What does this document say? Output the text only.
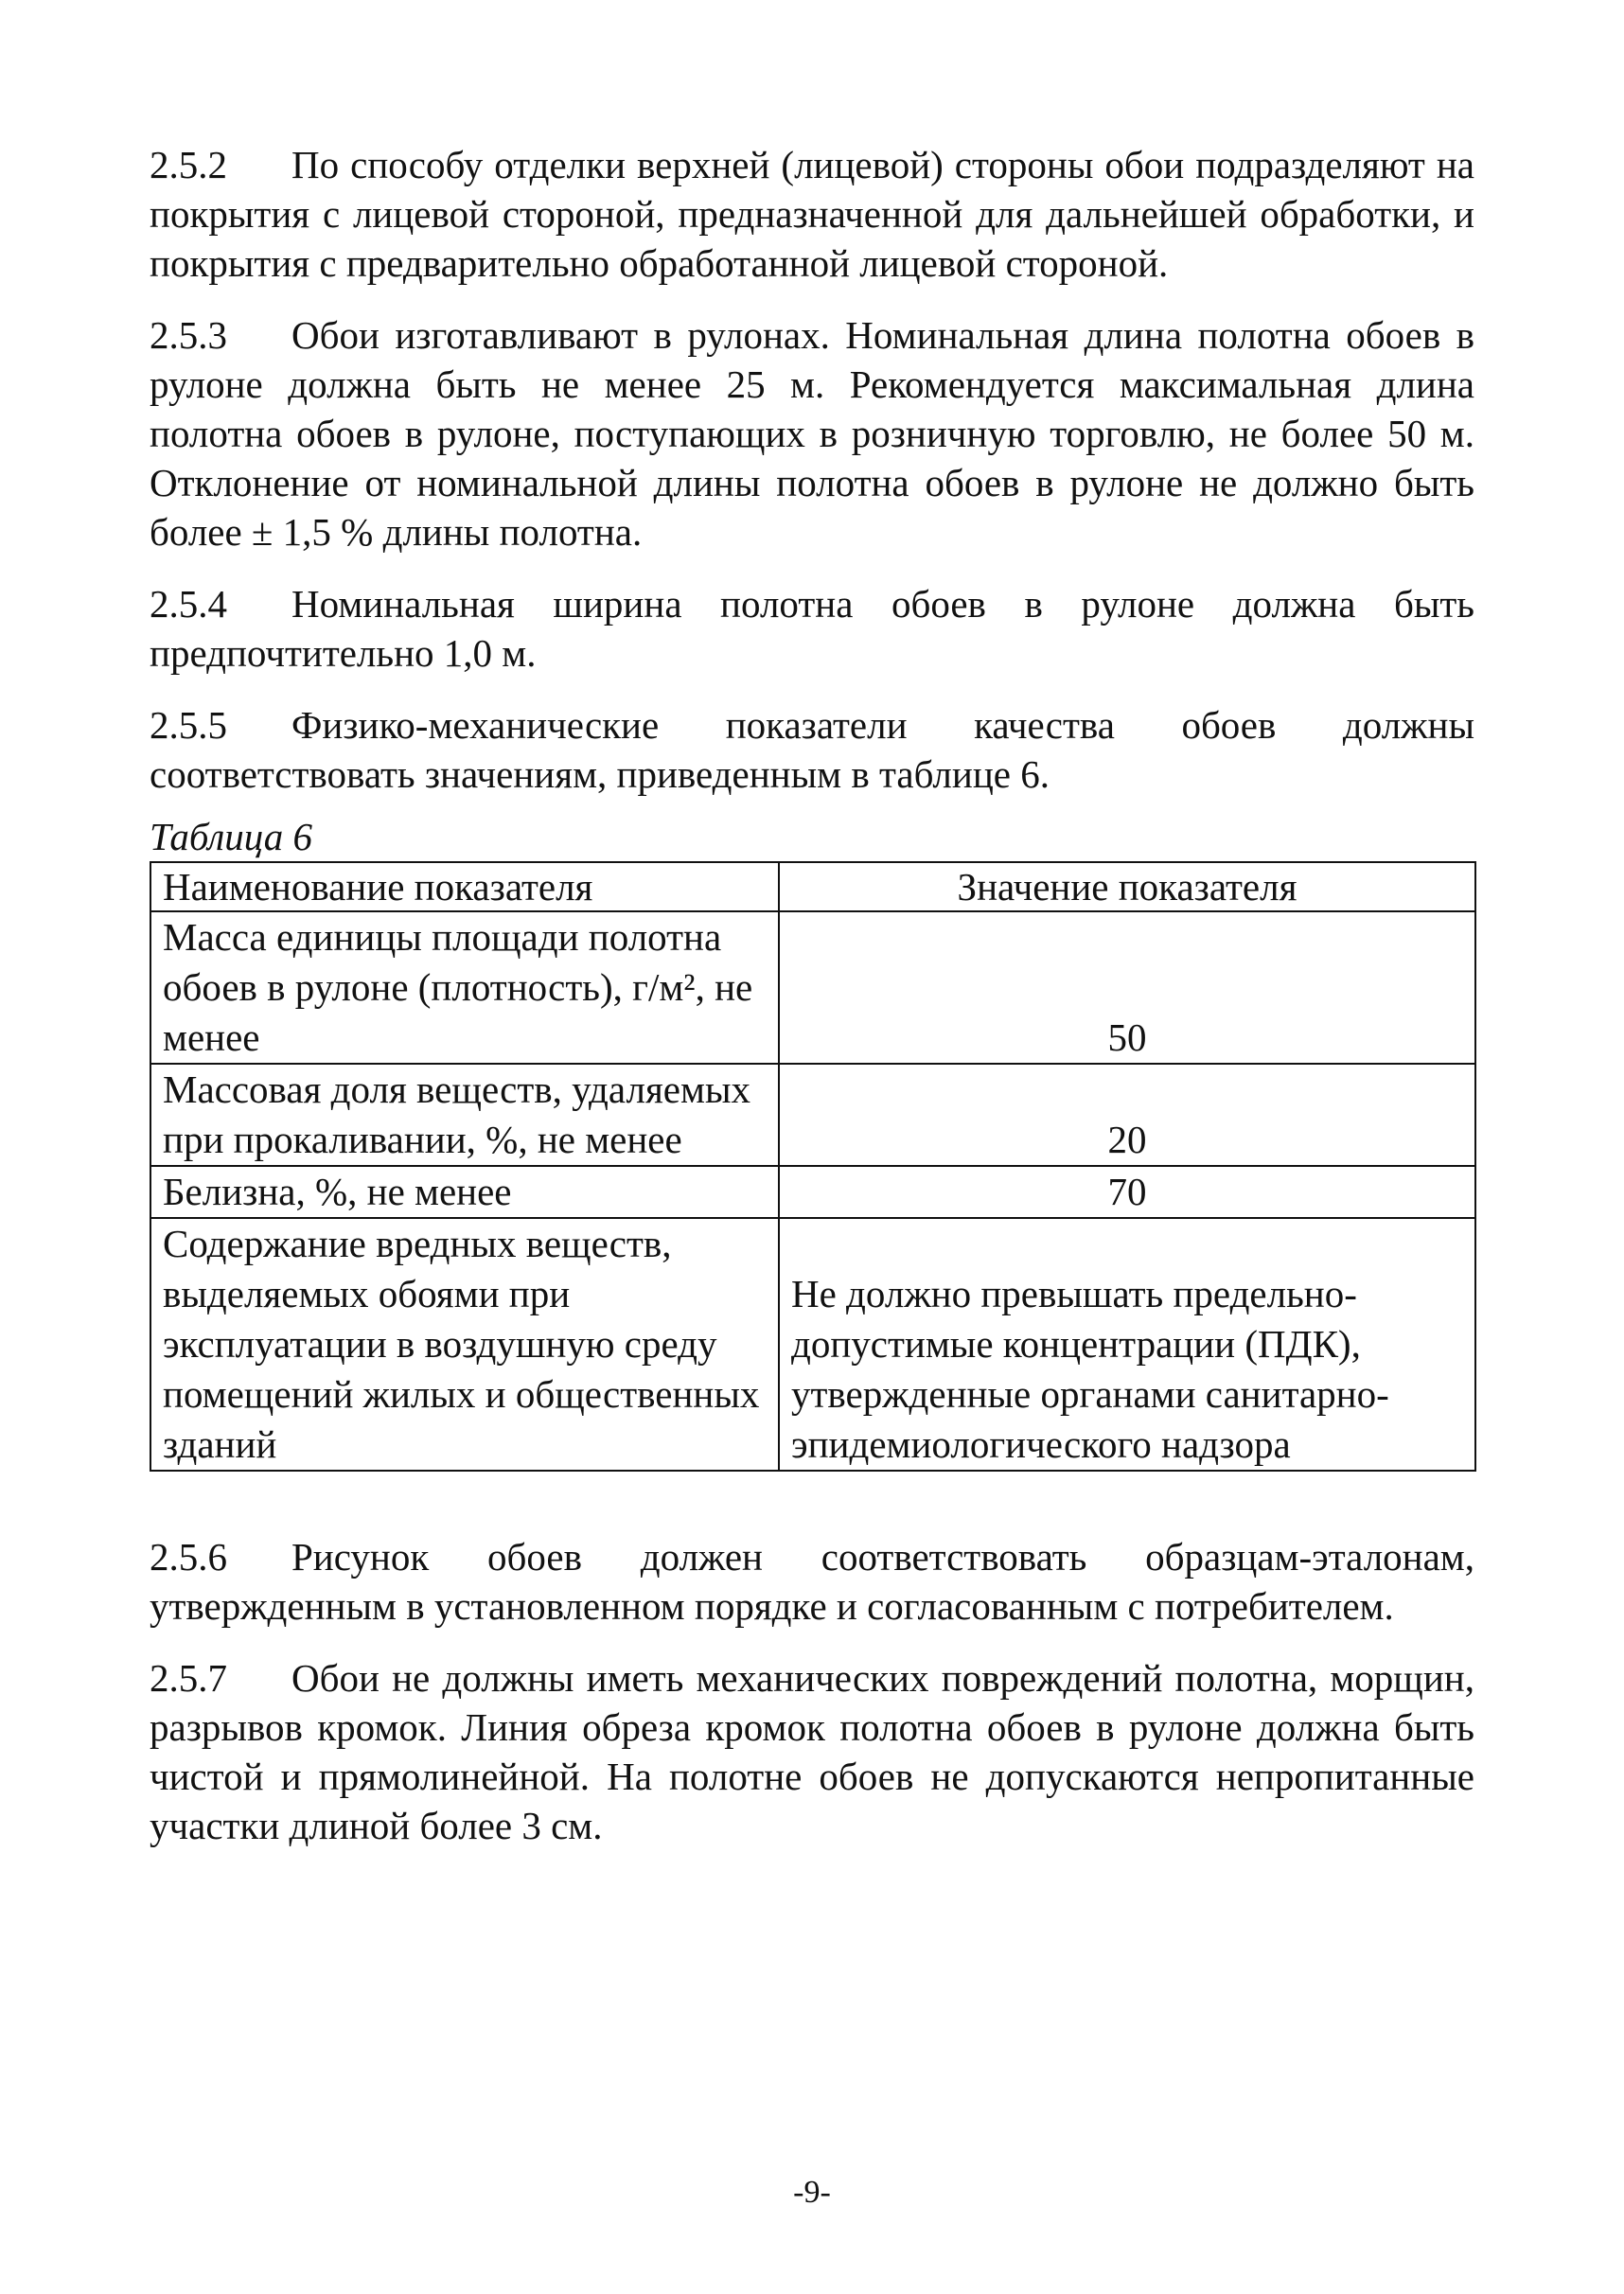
2.5.2 По способу отделки верхней (лицевой) стороны обои подразделяют на покрытия с лицевой стороной, предназначенной для дальнейшей обработки, и покрытия с предварительно обработанной лицевой стороной.

2.5.3 Обои изготавливают в рулонах. Номинальная длина полотна обоев в рулоне должна быть не менее 25 м. Рекомендуется максимальная длина полотна обоев в рулоне, поступающих в розничную торговлю, не более 50 м. Отклонение от номинальной длины полотна обоев в рулоне не должно быть более ± 1,5 % длины полотна.

2.5.4 Номинальная ширина полотна обоев в рулоне должна быть предпочтительно 1,0 м.

2.5.5 Физико-механические показатели качества обоев должны соответствовать значениям, приведенным в таблице 6.

Таблица 6
Наименование показателя	Значение показателя
Масса единицы площади полотна обоев в рулоне (плотность), г/м², не менее	50
Массовая доля веществ, удаляемых при прокаливании, %, не менее	20
Белизна, %, не менее	70
Содержание вредных веществ, выделяемых обоями при эксплуатации в воздушную среду помещений жилых и общественных зданий	Не должно превышать предельно-допустимые концентрации (ПДК), утвержденные органами санитарно-эпидемиологического надзора

2.5.6 Рисунок обоев должен соответствовать образцам-эталонам, утвержденным в установленном порядке и согласованным с потребителем.

2.5.7 Обои не должны иметь механических повреждений полотна, морщин, разрывов кромок. Линия обреза кромок полотна обоев в рулоне должна быть чистой и прямолинейной. На полотне обоев не допускаются непропитанные участки длиной более 3 см.

-9-
